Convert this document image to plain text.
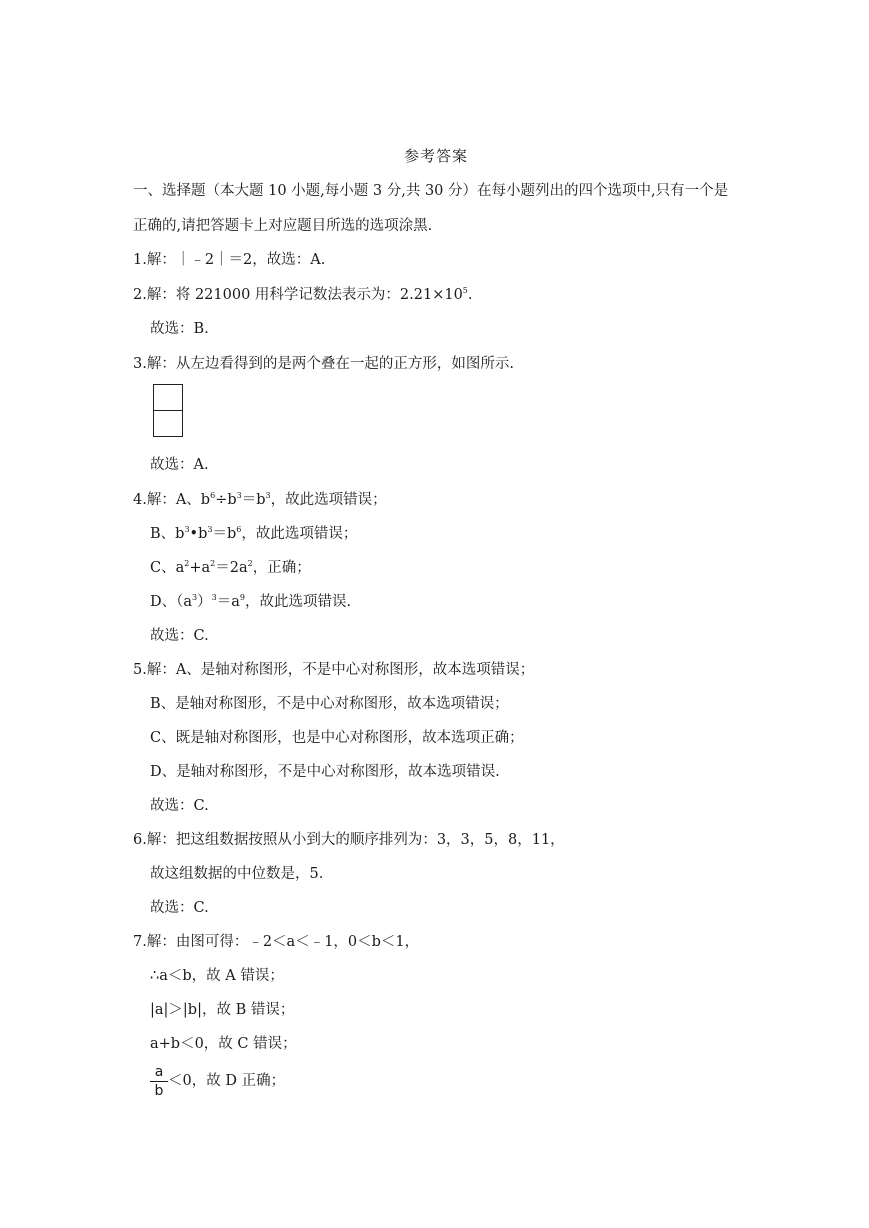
参考答案
一、选择题（本大题 10 小题,每小题 3 分,共 30 分）在每小题列出的四个选项中,只有一个是
正确的,请把答题卡上对应题目所选的选项涂黑.
1.解：｜﹣2｜＝2，故选：A.
2.解：将 221000 用科学记数法表示为：$2.21\times 10^5$.
故选：B.
3.解：从左边看得到的是两个叠在一起的正方形，如图所示.
故选：A.
4.解：A、$b^6\div b^3=b^3$，故此选项错误；
B、$b^3•b^3=b^6$，故此选项错误；
C、$a^2+a^2=2a^2$，正确；
D、$(a^3)^3=a^9$，故此选项错误.
故选：C.
5.解：A、是轴对称图形，不是中心对称图形，故本选项错误；
B、是轴对称图形，不是中心对称图形，故本选项错误；
C、既是轴对称图形，也是中心对称图形，故本选项正确；
D、是轴对称图形，不是中心对称图形，故本选项错误.
故选：C.
6.解：把这组数据按照从小到大的顺序排列为：3，3，5，8，11，
故这组数据的中位数是，5.
故选：C.
7.解：由图可得：﹣2＜a＜﹣1，0＜b＜1，
∴a＜b，故 A 错误；
|a|＞|b|，故 B 错误；
a+b＜0，故 C 错误；
a
b
＜0，故 D 正确；
